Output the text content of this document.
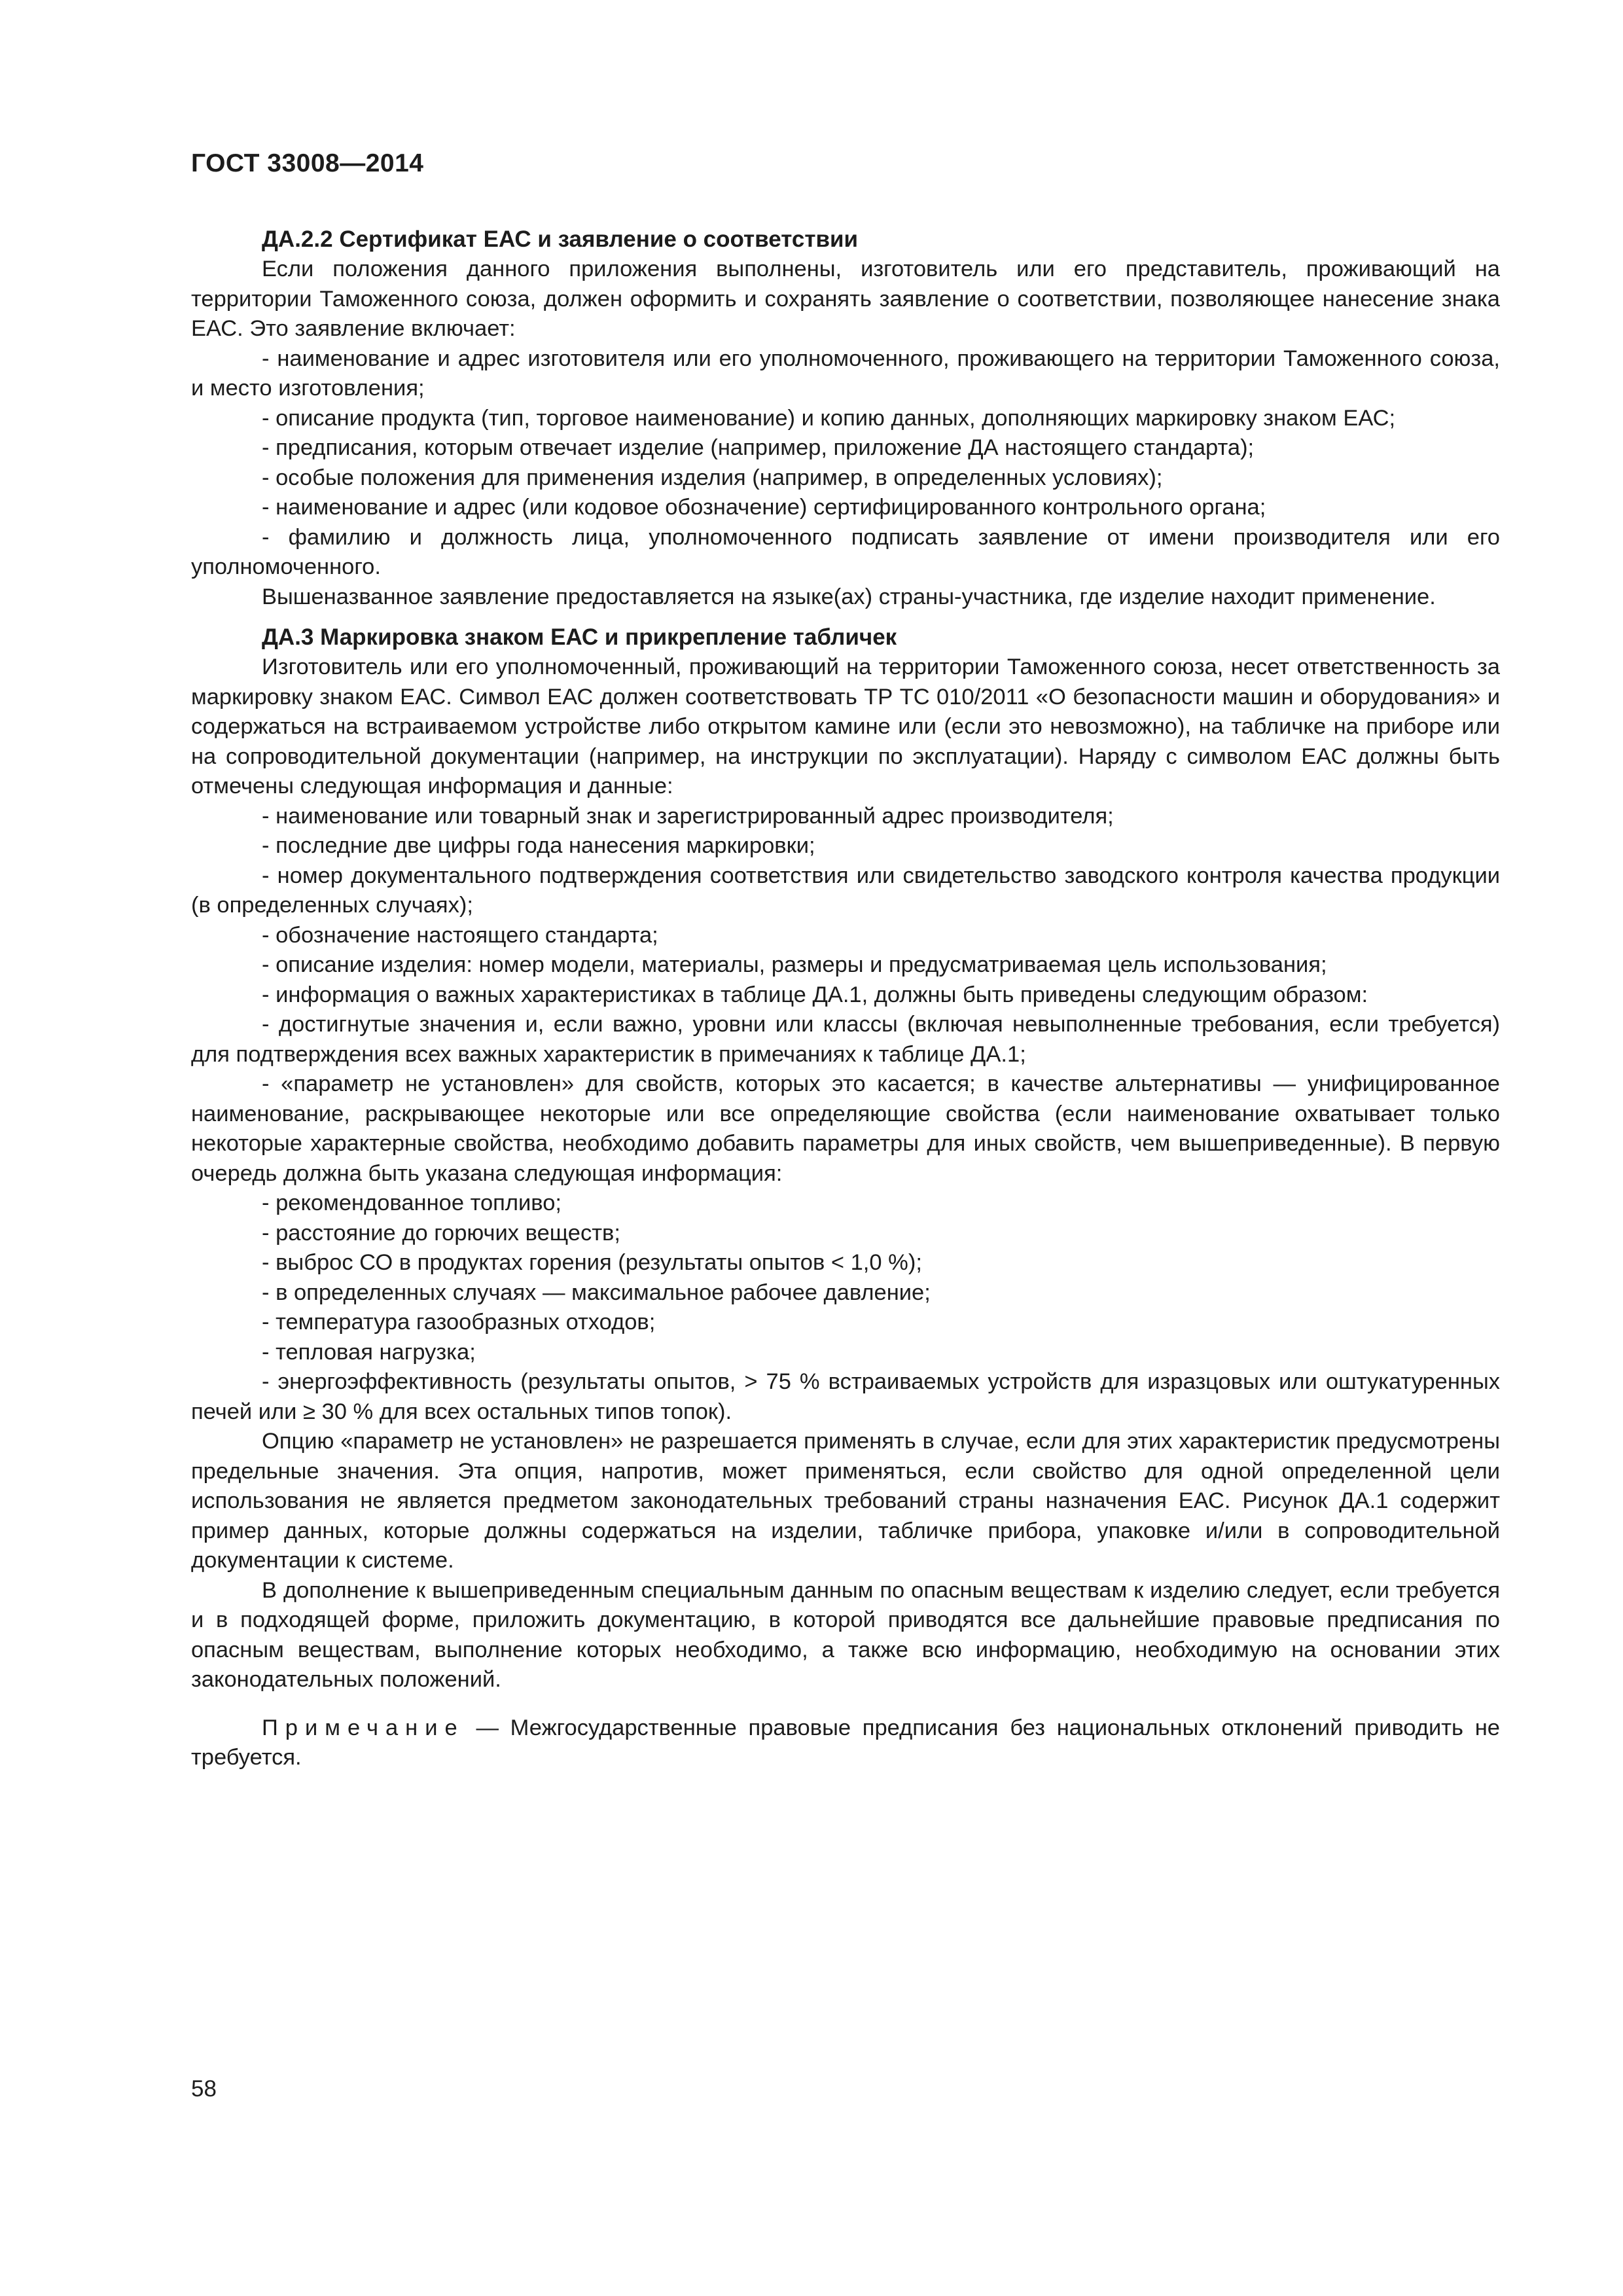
ГОСТ 33008—2014
ДА.2.2 Сертификат ЕАС и заявление о соответствии

Если положения данного приложения выполнены, изготовитель или его представитель, проживающий на территории Таможенного союза, должен оформить и сохранять заявление о соответствии, позволяющее нанесение знака ЕАС. Это заявление включает:

- наименование и адрес изготовителя или его уполномоченного, проживающего на территории Таможенного союза, и место изготовления;

- описание продукта (тип, торговое наименование) и копию данных, дополняющих маркировку знаком ЕАС;

- предписания, которым отвечает изделие (например, приложение ДА настоящего стандарта);

- особые положения для применения изделия (например, в определенных условиях);

- наименование и адрес (или кодовое обозначение) сертифицированного контрольного органа;

- фамилию и должность лица, уполномоченного подписать заявление от имени производителя или его уполномоченного.

Вышеназванное заявление предоставляется на языке(ах) страны-участника, где изделие находит применение.

ДА.3 Маркировка знаком ЕАС и прикрепление табличек

Изготовитель или его уполномоченный, проживающий на территории Таможенного союза, несет ответственность за маркировку знаком ЕАС. Символ ЕАС должен соответствовать ТР ТС 010/2011 «О безопасности машин и оборудования» и содержаться на встраиваемом устройстве либо открытом камине или (если это невозможно), на табличке на приборе или на сопроводительной документации (например, на инструкции по эксплуатации). Наряду с символом ЕАС должны быть отмечены следующая информация и данные:

- наименование или товарный знак и зарегистрированный адрес производителя;

- последние две цифры года нанесения маркировки;

- номер документального подтверждения соответствия или свидетельство заводского контроля качества продукции (в определенных случаях);

- обозначение настоящего стандарта;

- описание изделия: номер модели, материалы, размеры и предусматриваемая цель использования;

- информация о важных характеристиках в таблице ДА.1, должны быть приведены следующим образом:

- достигнутые значения и, если важно, уровни или классы (включая невыполненные требования, если требуется) для подтверждения всех важных характеристик в примечаниях к таблице ДА.1;

- «параметр не установлен» для свойств, которых это касается; в качестве альтернативы — унифицированное наименование, раскрывающее некоторые или все определяющие свойства (если наименование охватывает только некоторые характерные свойства, необходимо добавить параметры для иных свойств, чем вышеприведенные). В первую очередь должна быть указана следующая информация:

- рекомендованное топливо;

- расстояние до горючих веществ;

- выброс СО в продуктах горения (результаты опытов < 1,0 %);

- в определенных случаях — максимальное рабочее давление;

- температура газообразных отходов;

- тепловая нагрузка;

- энергоэффективность (результаты опытов, > 75 % встраиваемых устройств для изразцовых или оштукатуренных печей или ≥ 30 % для всех остальных типов топок).

Опцию «параметр не установлен» не разрешается применять в случае, если для этих характеристик предусмотрены предельные значения. Эта опция, напротив, может применяться, если свойство для одной определенной цели использования не является предметом законодательных требований страны назначения ЕАС. Рисунок ДА.1 содержит пример данных, которые должны содержаться на изделии, табличке прибора, упаковке и/или в сопроводительной документации к системе.

В дополнение к вышеприведенным специальным данным по опасным веществам к изделию следует, если требуется и в подходящей форме, приложить документацию, в которой приводятся все дальнейшие правовые предписания по опасным веществам, выполнение которых необходимо, а также всю информацию, необходимую на основании этих законодательных положений.

Примечание — Межгосударственные правовые предписания без национальных отклонений приводить не требуется.

58
